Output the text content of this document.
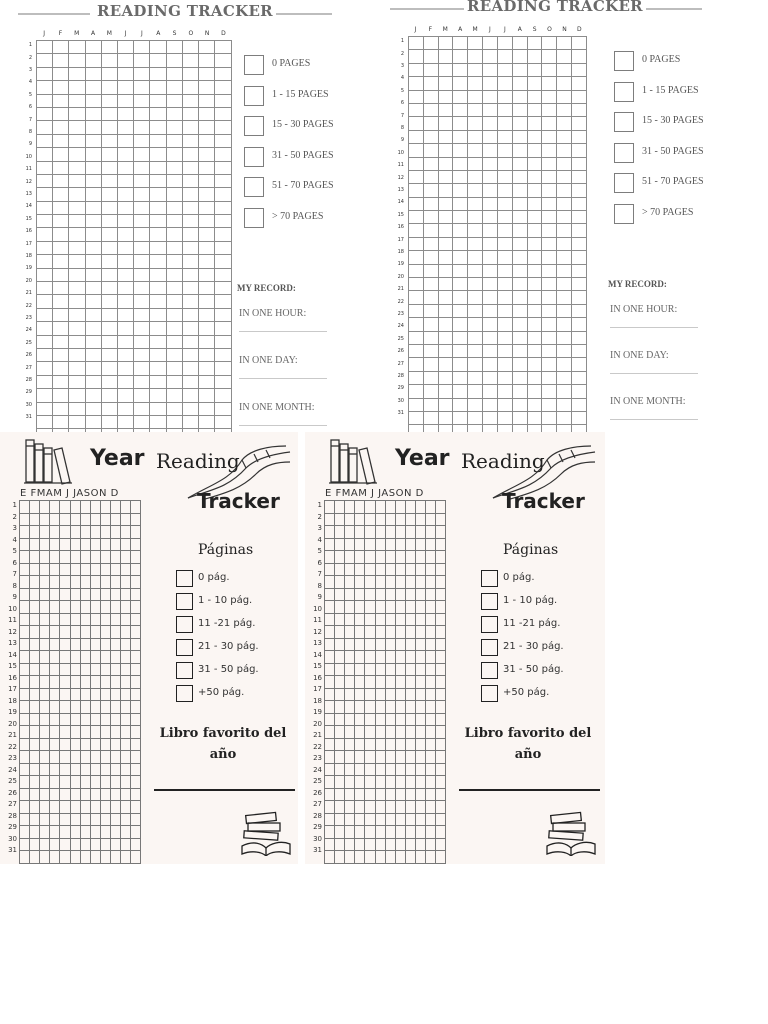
READING TRACKER
J	F	M	A	M	J	J	A	S	O	N	D
1
2
3
4
5
6
7
8
9
10
11
12
13
14
15
16
17
18
19
20
21
22
23
24
25
26
27
28
29
30
31

0 PAGES
1 - 15 PAGES
15 - 30 PAGES
31 - 50 PAGES
51 - 70 PAGES
> 70 PAGES
MY RECORD:
IN ONE HOUR:
IN ONE DAY:
IN ONE MONTH:
READING TRACKER
J	F	M	A	M	J	J	A	S	O	N	D
1
2
3
4
5
6
7
8
9
10
11
12
13
14
15
16
17
18
19
20
21
22
23
24
25
26
27
28
29
30
31

0 PAGES
1 - 15 PAGES
15 - 30 PAGES
31 - 50 PAGES
51 - 70 PAGES
> 70 PAGES
MY RECORD:
IN ONE HOUR:
IN ONE DAY:
IN ONE MONTH:
Year Reading
Tracker
E FMAM J JASON D
1
2
3
4
5
6
7
8
9
10
11
12
13
14
15
16
17
18
19
20
21
22
23
24
25
26
27
28
29
30
31

Páginas
0 pág.
1 - 10 pág.
11 -21 pág.
21 - 30 pág.
31 - 50 pág.
+50 pág.
Libro favorito del año
Year Reading
Tracker
E FMAM J JASON D
1
2
3
4
5
6
7
8
9
10
11
12
13
14
15
16
17
18
19
20
21
22
23
24
25
26
27
28
29
30
31

Páginas
0 pág.
1 - 10 pág.
11 -21 pág.
21 - 30 pág.
31 - 50 pág.
+50 pág.
Libro favorito del año
